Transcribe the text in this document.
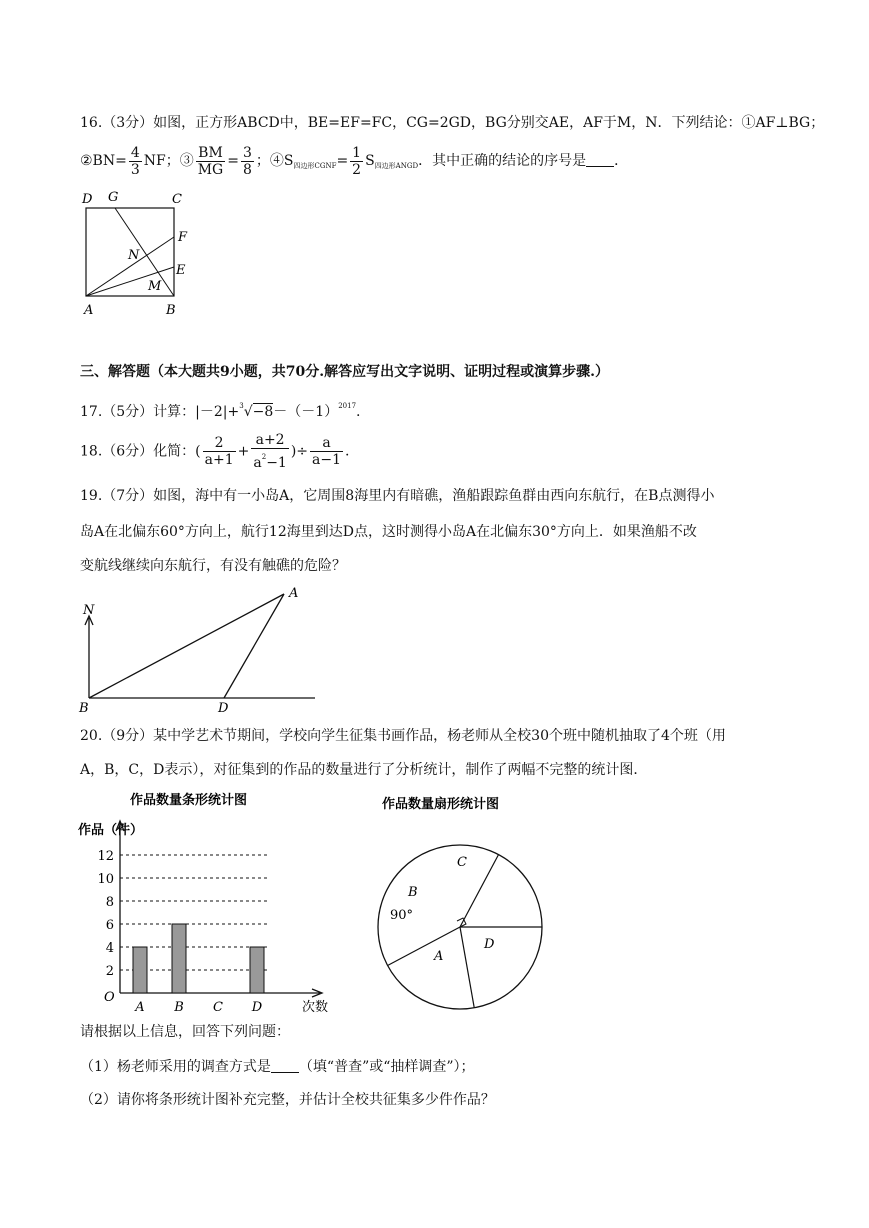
16.（3分）如图，正方形ABCD中，BE=EF=FC，CG=2GD，BG分别交AE，AF于M，N．下列结论：①AF⊥BG；
②BN= $\frac{4}{3}$ NF；③ $\frac{BM}{MG} = \frac{3}{8}$ ；$④S_{四边形CGNF}= \frac{1}{2} S_{四边形ANGD}$．其中正确的结论的序号是 ．
D G	C
F
N
E
M
A	B
三、解答题（本大题共9小题，共70分.解答应写出文字说明、证明过程或演算步骤.）
17.（5分）计算：$|-2|+^3√-8-(-1)^{2017}$.
18.（6分）化简：( $\frac{2}{a+1} + \frac{a+2}{a^2-1}$ )÷ $\frac{a}{a-1}$ .
19.（7分）如图，海中有一小岛A，它周围8海里内有暗礁，渔船跟踪鱼群由西向东航行，在B点测得小
岛A在北偏东60°方向上，航行12海里到达D点，这时测得小岛A在北偏东30°方向上．如果渔船不改
变航线继续向东航行，有没有触礁的危险？
N
A
B	D
20.（9分）某中学艺术节期间，学校向学生征集书画作品，杨老师从全校30个班中随机抽取了4个班（用
A，B，C，D表示），对征集到的作品的数量进行了分析统计，制作了两幅不完整的统计图．
作品数量条形统计图
作品（件）
O
2
4
6
8
10
12
A B C D	次数
作品数量扇形统计图
C
B
A
D
90°
请根据以上信息，回答下列问题：
（1）杨老师采用的调查方式是 （填“普查”或“抽样调查”）；
（2）请你将条形统计图补充完整，并估计全校共征集多少件作品？
